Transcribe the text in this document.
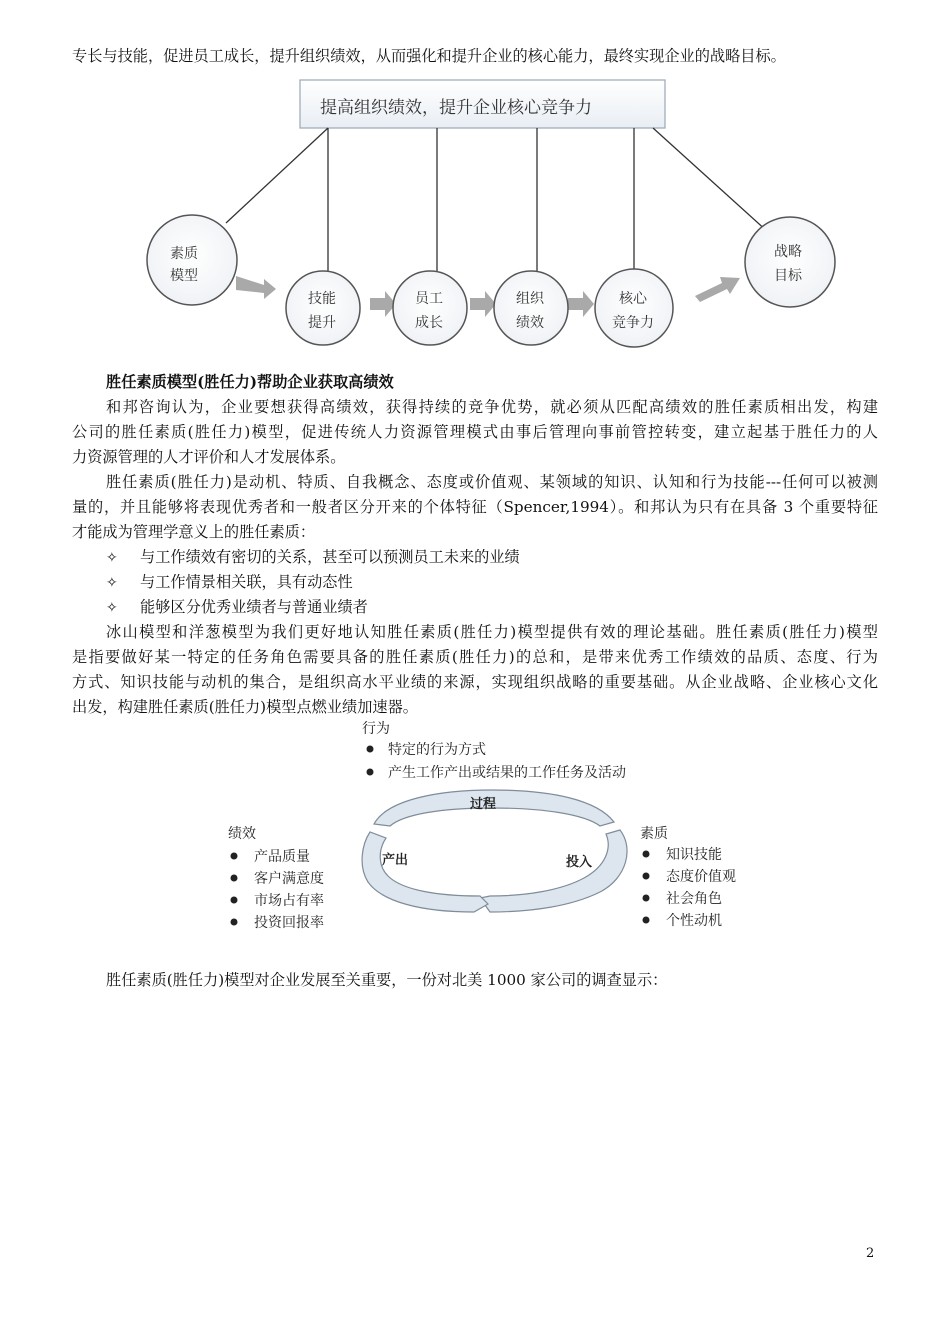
专长与技能，促进员工成长，提升组织绩效，从而强化和提升企业的核心能力，最终实现企业的战略目标。
提高组织绩效，提升企业核心竞争力
素质
模型
技能
提升
员工
成长
组织
绩效
核心
竞争力
战略
目标
胜任素质模型(胜任力)帮助企业获取高绩效
和邦咨询认为，企业要想获得高绩效，获得持续的竞争优势，就必须从匹配高绩效的胜任素质相出发，构建
公司的胜任素质(胜任力)模型，促进传统人力资源管理模式由事后管理向事前管控转变，建立起基于胜任力的人
力资源管理的人才评价和人才发展体系。
胜任素质(胜任力)是动机、特质、自我概念、态度或价值观、某领域的知识、认知和行为技能---任何可以被测
量的，并且能够将表现优秀者和一般者区分开来的个体特征（Spencer,1994）。和邦认为只有在具备 3 个重要特征
才能成为管理学意义上的胜任素质：
✧ 与工作绩效有密切的关系，甚至可以预测员工未来的业绩
✧ 与工作情景相关联，具有动态性
✧ 能够区分优秀业绩者与普通业绩者
冰山模型和洋葱模型为我们更好地认知胜任素质(胜任力)模型提供有效的理论基础。胜任素质(胜任力)模型
是指要做好某一特定的任务角色需要具备的胜任素质(胜任力)的总和，是带来优秀工作绩效的品质、态度、行为
方式、知识技能与动机的集合，是组织高水平业绩的来源，实现组织战略的重要基础。从企业战略、企业核心文化
出发，构建胜任素质(胜任力)模型点燃业绩加速器。
行为
特定的行为方式
产生工作产出或结果的工作任务及活动
过程
产出	投入
绩效
产品质量
客户满意度
市场占有率
投资回报率
素质
知识技能
态度价值观
社会角色
个性动机
胜任素质(胜任力)模型对企业发展至关重要，一份对北美 1000 家公司的调查显示：
2
